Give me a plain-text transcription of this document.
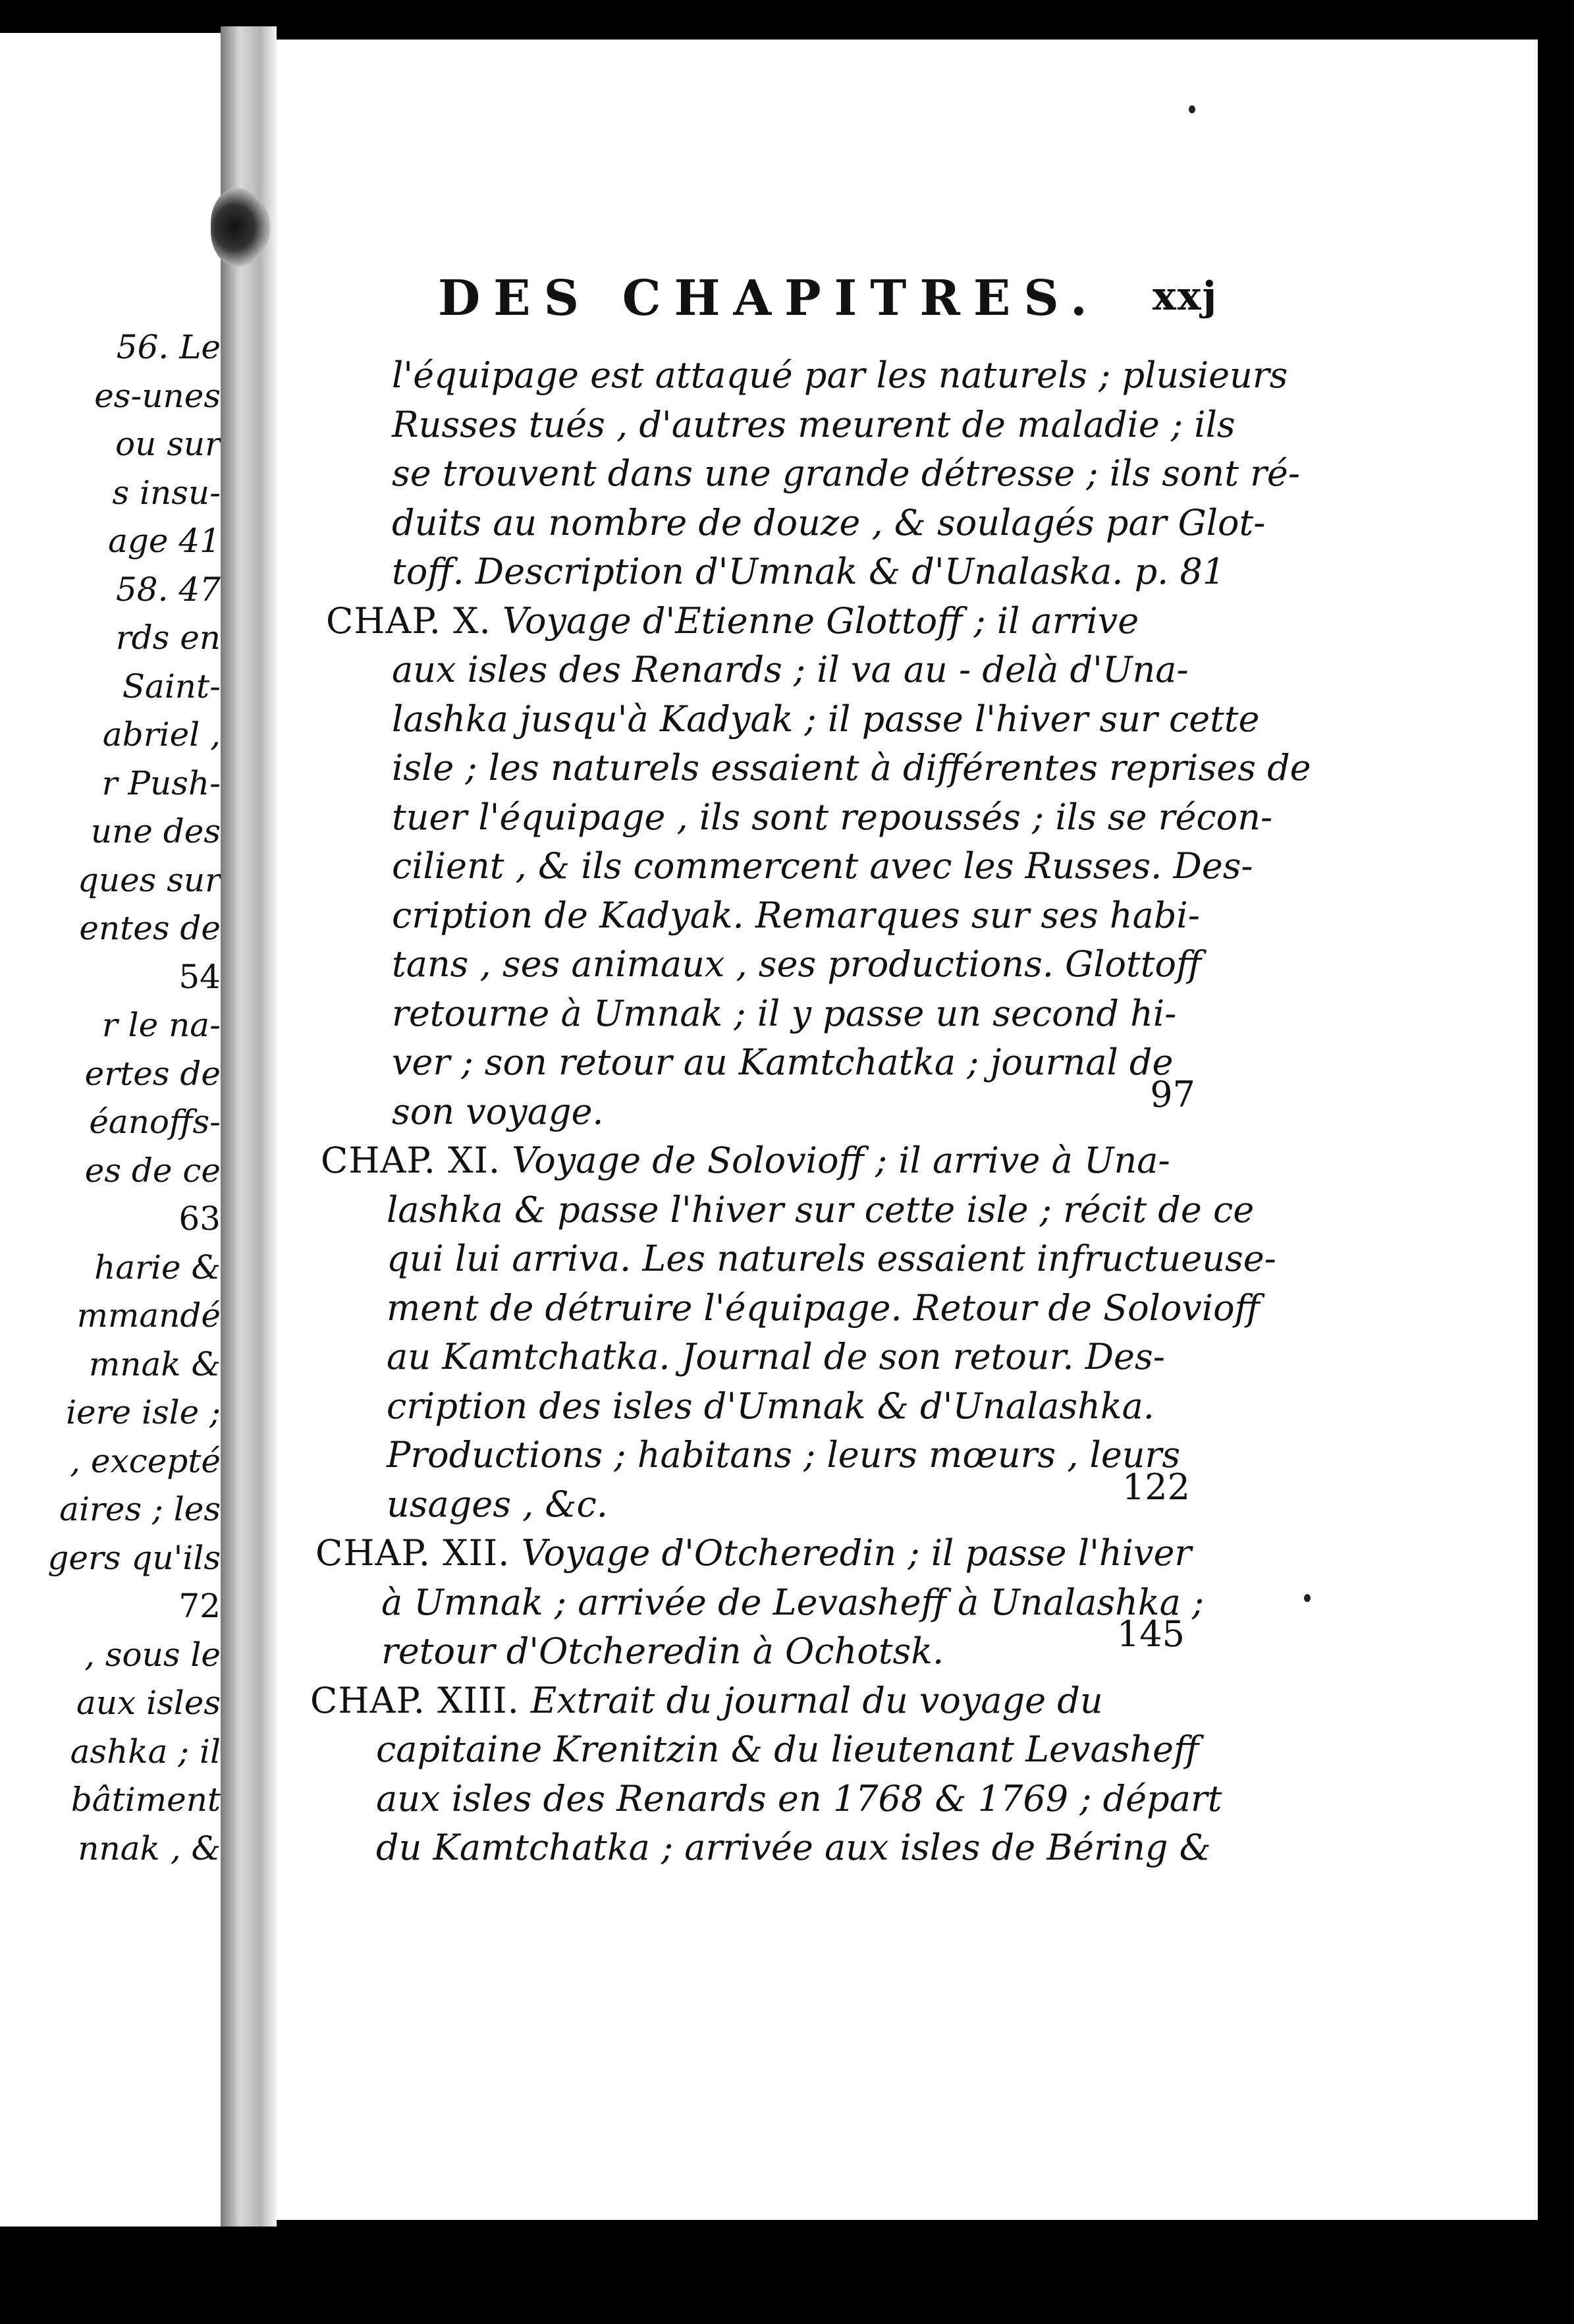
56. Le
es-unes
ou sur
s insu-
age 41
58. 47
rds en
Saint-
abriel ,
r Push-
une des
ques sur
entes de
54
r le na-
ertes de
éanoffs-
es de ce
63
harie &
mmandé
mnak &
iere isle ;
, excepté
aires ; les
gers qu'ils
72
, sous le
aux isles
ashka ; il
bâtiment
nnak , &
DES CHAPITRES.	xxj
l'équipage est attaqué par les naturels ; plusieurs
Russes tués , d'autres meurent de maladie ; ils
se trouvent dans une grande détresse ; ils sont ré-
duits au nombre de douze , & soulagés par Glot-
toff. Description d'Umnak & d'Unalaska. p. 81
CHAP. X. Voyage d'Etienne Glottoff ; il arrive
aux isles des Renards ; il va au - delà d'Una-
lashka jusqu'à Kadyak ; il passe l'hiver sur cette
isle ; les naturels essaient à différentes reprises de
tuer l'équipage , ils sont repoussés ; ils se récon-
cilient , & ils commercent avec les Russes. Des-
cription de Kadyak. Remarques sur ses habi-
tans , ses animaux , ses productions. Glottoff
retourne à Umnak ; il y passe un second hi-
ver ; son retour au Kamtchatka ; journal de
son voyage.	97
CHAP. XI. Voyage de Solovioff ; il arrive à Una-
lashka & passe l'hiver sur cette isle ; récit de ce
qui lui arriva. Les naturels essaient infructueuse-
ment de détruire l'équipage. Retour de Solovioff
au Kamtchatka. Journal de son retour. Des-
cription des isles d'Umnak & d'Unalashka.
Productions ; habitans ; leurs mœurs , leurs
usages , &c.	122
CHAP. XII. Voyage d'Otcheredin ; il passe l'hiver
à Umnak ; arrivée de Levasheff à Unalashka ;
retour d'Otcheredin à Ochotsk.	145
CHAP. XIII. Extrait du journal du voyage du
capitaine Krenitzin & du lieutenant Levasheff
aux isles des Renards en 1768 & 1769 ; départ
du Kamtchatka ; arrivée aux isles de Béring &
